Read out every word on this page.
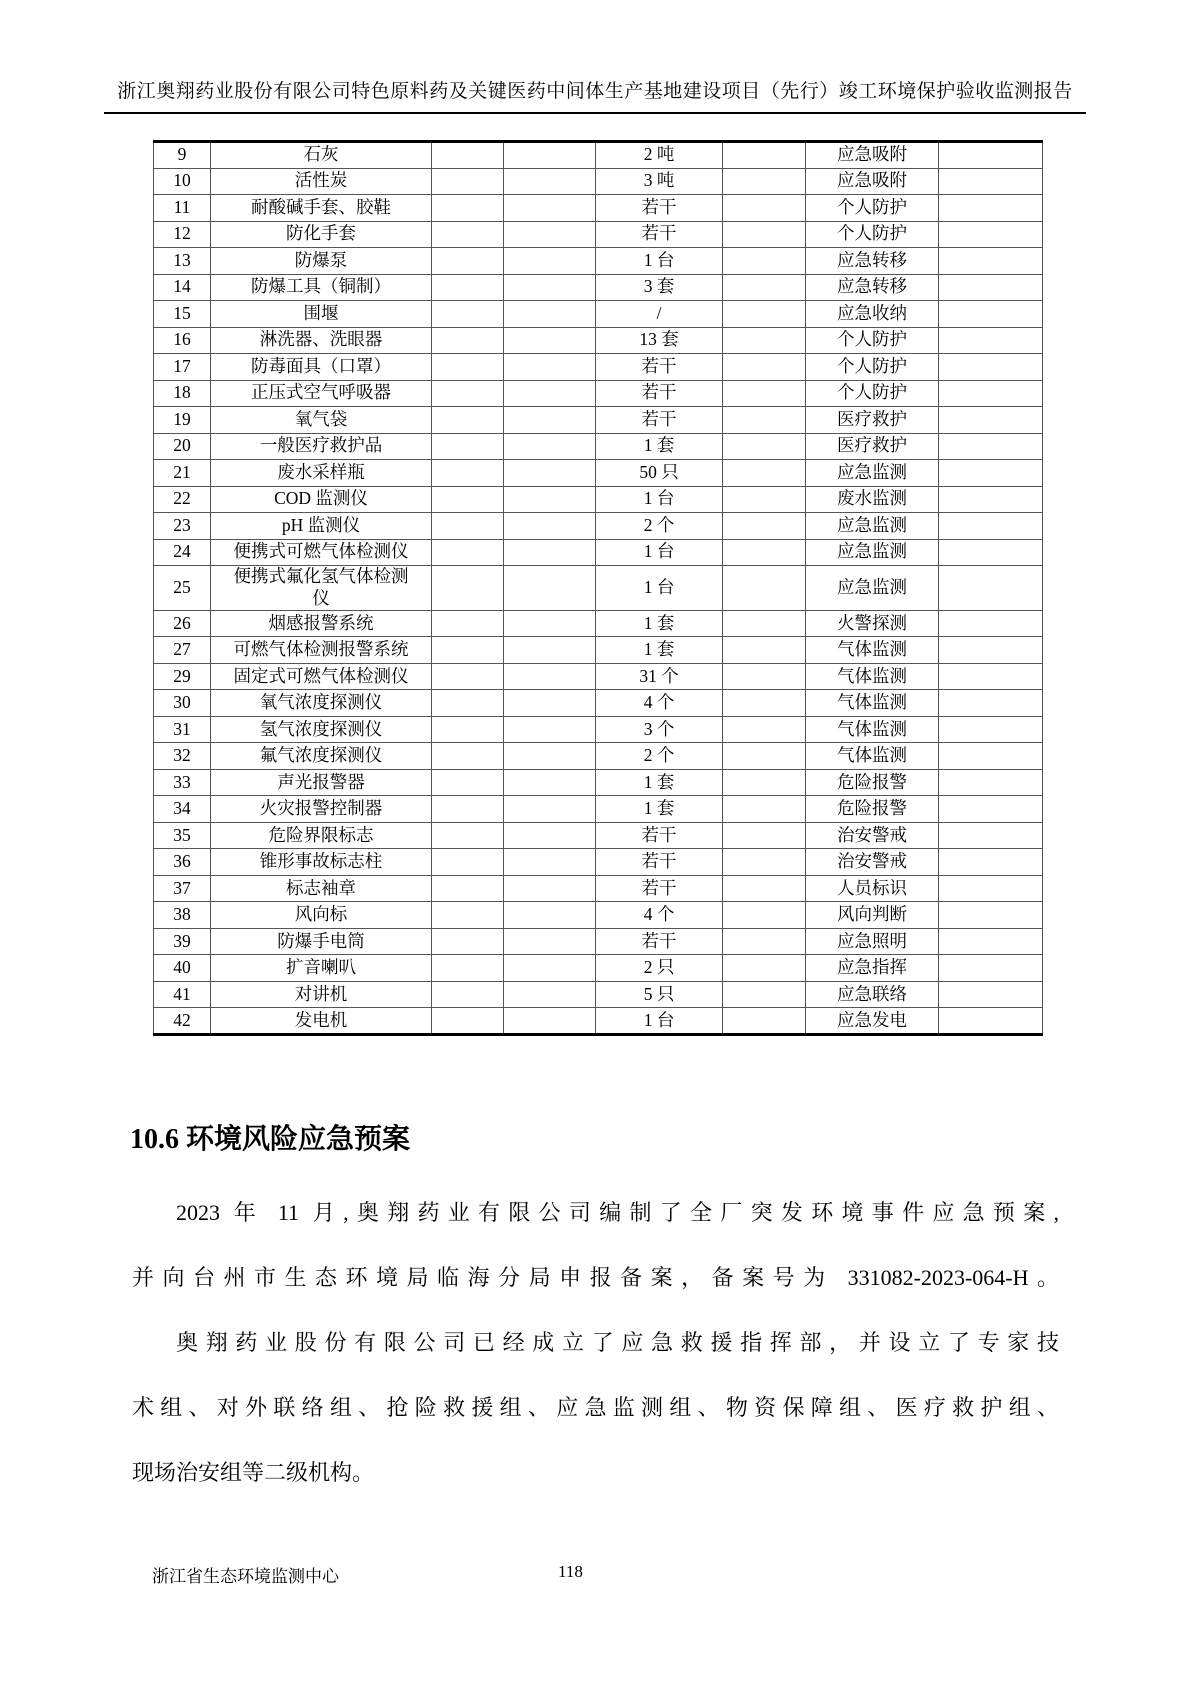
浙江奥翔药业股份有限公司特色原料药及关键医药中间体生产基地建设项目（先行）竣工环境保护验收监测报告
9	石灰			2 吨		应急吸附	
10	活性炭			3 吨		应急吸附	
11	耐酸碱手套、胶鞋			若干		个人防护	
12	防化手套			若干		个人防护	
13	防爆泵			1 台		应急转移	
14	防爆工具（铜制）			3 套		应急转移	
15	围堰			/		应急收纳	
16	淋洗器、洗眼器			13 套		个人防护	
17	防毒面具（口罩）			若干		个人防护	
18	正压式空气呼吸器			若干		个人防护	
19	氧气袋			若干		医疗救护	
20	一般医疗救护品			1 套		医疗救护	
21	废水采样瓶			50 只		应急监测	
22	COD 监测仪			1 台		废水监测	
23	pH 监测仪			2 个		应急监测	
24	便携式可燃气体检测仪			1 台		应急监测	
25	便携式氟化氢气体检测仪			1 台		应急监测	
26	烟感报警系统			1 套		火警探测	
27	可燃气体检测报警系统			1 套		气体监测	
29	固定式可燃气体检测仪			31 个		气体监测	
30	氧气浓度探测仪			4 个		气体监测	
31	氢气浓度探测仪			3 个		气体监测	
32	氟气浓度探测仪			2 个		气体监测	
33	声光报警器			1 套		危险报警	
34	火灾报警控制器			1 套		危险报警	
35	危险界限标志			若干		治安警戒	
36	锥形事故标志柱			若干		治安警戒	
37	标志袖章			若干		人员标识	
38	风向标			4 个		风向判断	
39	防爆手电筒			若干		应急照明	
40	扩音喇叭			2 只		应急指挥	
41	对讲机			5 只		应急联络	
42	发电机			1 台		应急发电	
10.6 环境风险应急预案
2023 年 11 月,奥翔药业有限公司编制了全厂突发环境事件应急预案,
并向台州市生态环境局临海分局申报备案，备案号为 331082-2023-064-H。
奥翔药业股份有限公司已经成立了应急救援指挥部，并设立了专家技
术组、对外联络组、抢险救援组、应急监测组、物资保障组、医疗救护组、
现场治安组等二级机构。
浙江省生态环境监测中心	118
